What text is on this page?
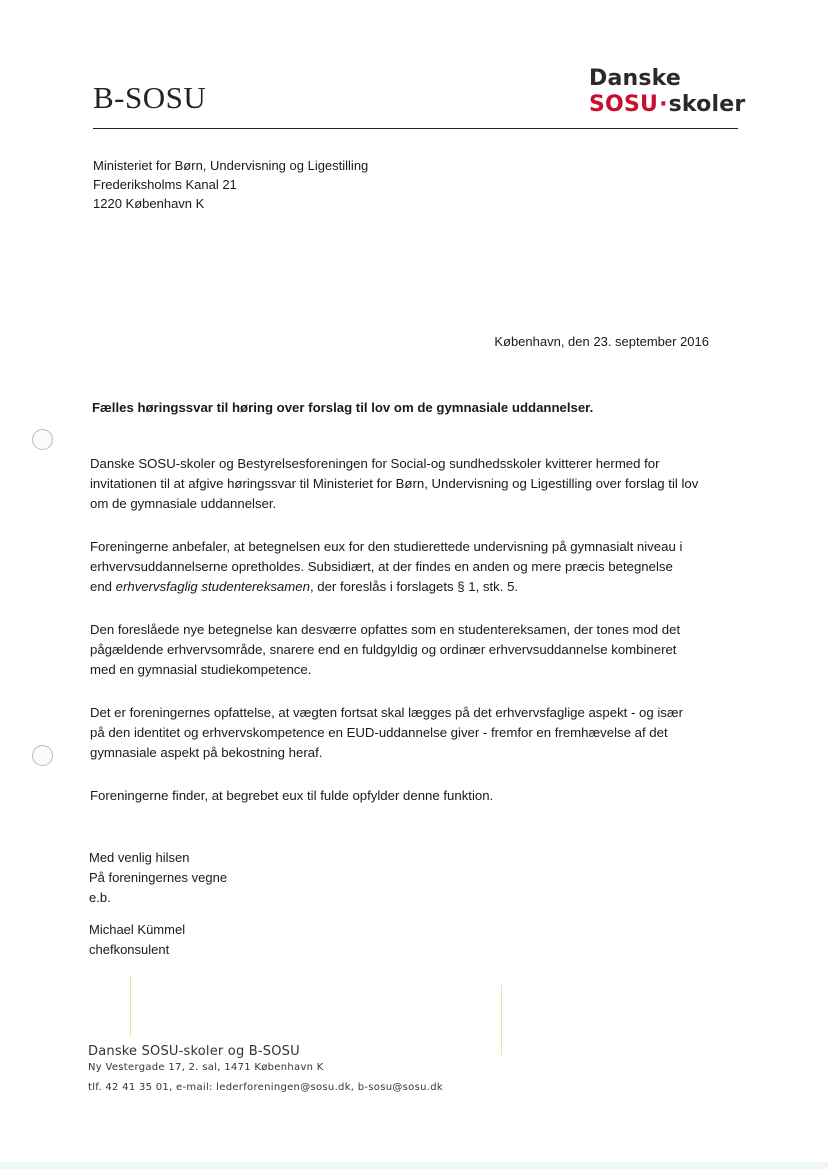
B-SOSU
Danske
SOSU·skoler
Ministeriet for Børn, Undervisning og Ligestilling
Frederiksholms Kanal 21
1220 København K
København, den 23. september 2016
Fælles høringssvar til høring over forslag til lov om de gymnasiale uddannelser.

Danske SOSU-skoler og Bestyrelsesforeningen for Social-og sundhedsskoler kvitterer hermed for
invitationen til at afgive høringssvar til Ministeriet for Børn, Undervisning og Ligestilling over forslag til lov
om de gymnasiale uddannelser.

Foreningerne anbefaler, at betegnelsen eux for den studierettede undervisning på gymnasialt niveau i
erhvervsuddannelserne opretholdes. Subsidiært, at der findes en anden og mere præcis betegnelse
end erhvervsfaglig studentereksamen, der foreslås i forslagets § 1, stk. 5.

Den foreslåede nye betegnelse kan desværre opfattes som en studentereksamen, der tones mod det
pågældende erhvervsområde, snarere end en fuldgyldig og ordinær erhvervsuddannelse kombineret
med en gymnasial studiekompetence.

Det er foreningernes opfattelse, at vægten fortsat skal lægges på det erhvervsfaglige aspekt - og især
på den identitet og erhvervskompetence en EUD-uddannelse giver - fremfor en fremhævelse af det
gymnasiale aspekt på bekostning heraf.

Foreningerne finder, at begrebet eux til fulde opfylder denne funktion.

Med venlig hilsen
På foreningernes vegne
e.b.
Michael Kümmel
chefkonsulent
Danske SOSU-skoler og B-SOSU
Ny Vestergade 17, 2. sal, 1471 København K
tlf. 42 41 35 01, e-mail: lederforeningen@sosu.dk, b-sosu@sosu.dk
